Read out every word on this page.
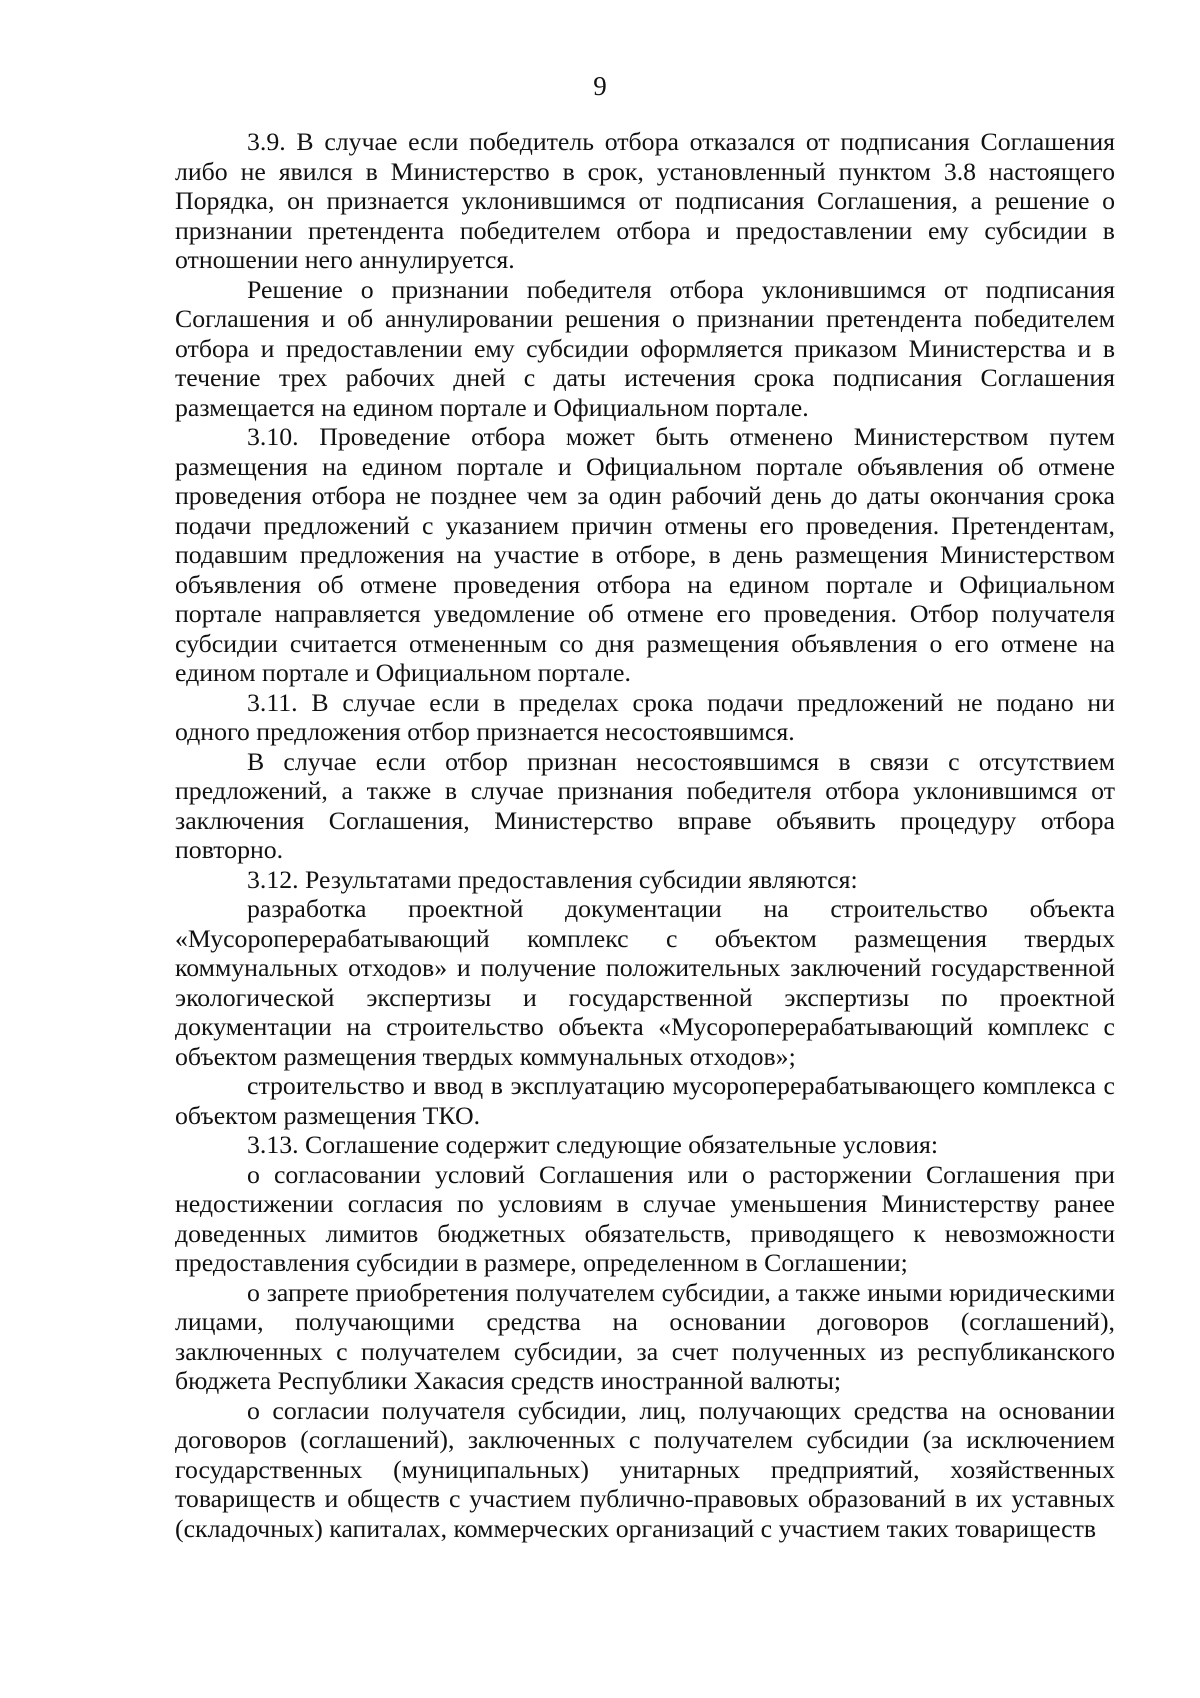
9

3.9. В случае если победитель отбора отказался от подписания Соглашения либо не явился в Министерство в срок, установленный пунктом 3.8 настоящего Порядка, он признается уклонившимся от подписания Соглашения, а решение о признании претендента победителем отбора и предоставлении ему субсидии в отношении него аннулируется.

Решение о признании победителя отбора уклонившимся от подписания Соглашения и об аннулировании решения о признании претендента победителем отбора и предоставлении ему субсидии оформляется приказом Министерства и в течение трех рабочих дней с даты истечения срока подписания Соглашения размещается на едином портале и Официальном портале.

3.10. Проведение отбора может быть отменено Министерством путем размещения на едином портале и Официальном портале объявления об отмене проведения отбора не позднее чем за один рабочий день до даты окончания срока подачи предложений с указанием причин отмены его проведения. Претендентам, подавшим предложения на участие в отборе, в день размещения Министерством объявления об отмене проведения отбора на едином портале и Официальном портале направляется уведомление об отмене его проведения. Отбор получателя субсидии считается отмененным со дня размещения объявления о его отмене на едином портале и Официальном портале.

3.11. В случае если в пределах срока подачи предложений не подано ни одного предложения отбор признается несостоявшимся.

В случае если отбор признан несостоявшимся в связи с отсутствием предложений, а также в случае признания победителя отбора уклонившимся от заключения Соглашения, Министерство вправе объявить процедуру отбора повторно.

3.12. Результатами предоставления субсидии являются:

разработка проектной документации на строительство объекта «Мусороперерабатывающий комплекс с объектом размещения твердых коммунальных отходов» и получение положительных заключений государственной экологической экспертизы и государственной экспертизы по проектной документации на строительство объекта «Мусороперерабатывающий комплекс с объектом размещения твердых коммунальных отходов»;

строительство и ввод в эксплуатацию мусороперерабатывающего комплекса с объектом размещения ТКО.

3.13. Соглашение содержит следующие обязательные условия:

о согласовании условий Соглашения или о расторжении Соглашения при недостижении согласия по условиям в случае уменьшения Министерству ранее доведенных лимитов бюджетных обязательств, приводящего к невозможности предоставления субсидии в размере, определенном в Соглашении;

о запрете приобретения получателем субсидии, а также иными юридическими лицами, получающими средства на основании договоров (соглашений), заключенных с получателем субсидии, за счет полученных из республиканского бюджета Республики Хакасия средств иностранной валюты;

о согласии получателя субсидии, лиц, получающих средства на основании договоров (соглашений), заключенных с получателем субсидии (за исключением государственных (муниципальных) унитарных предприятий, хозяйственных товариществ и обществ с участием публично-правовых образований в их уставных (складочных) капиталах, коммерческих организаций с участием таких товариществ
